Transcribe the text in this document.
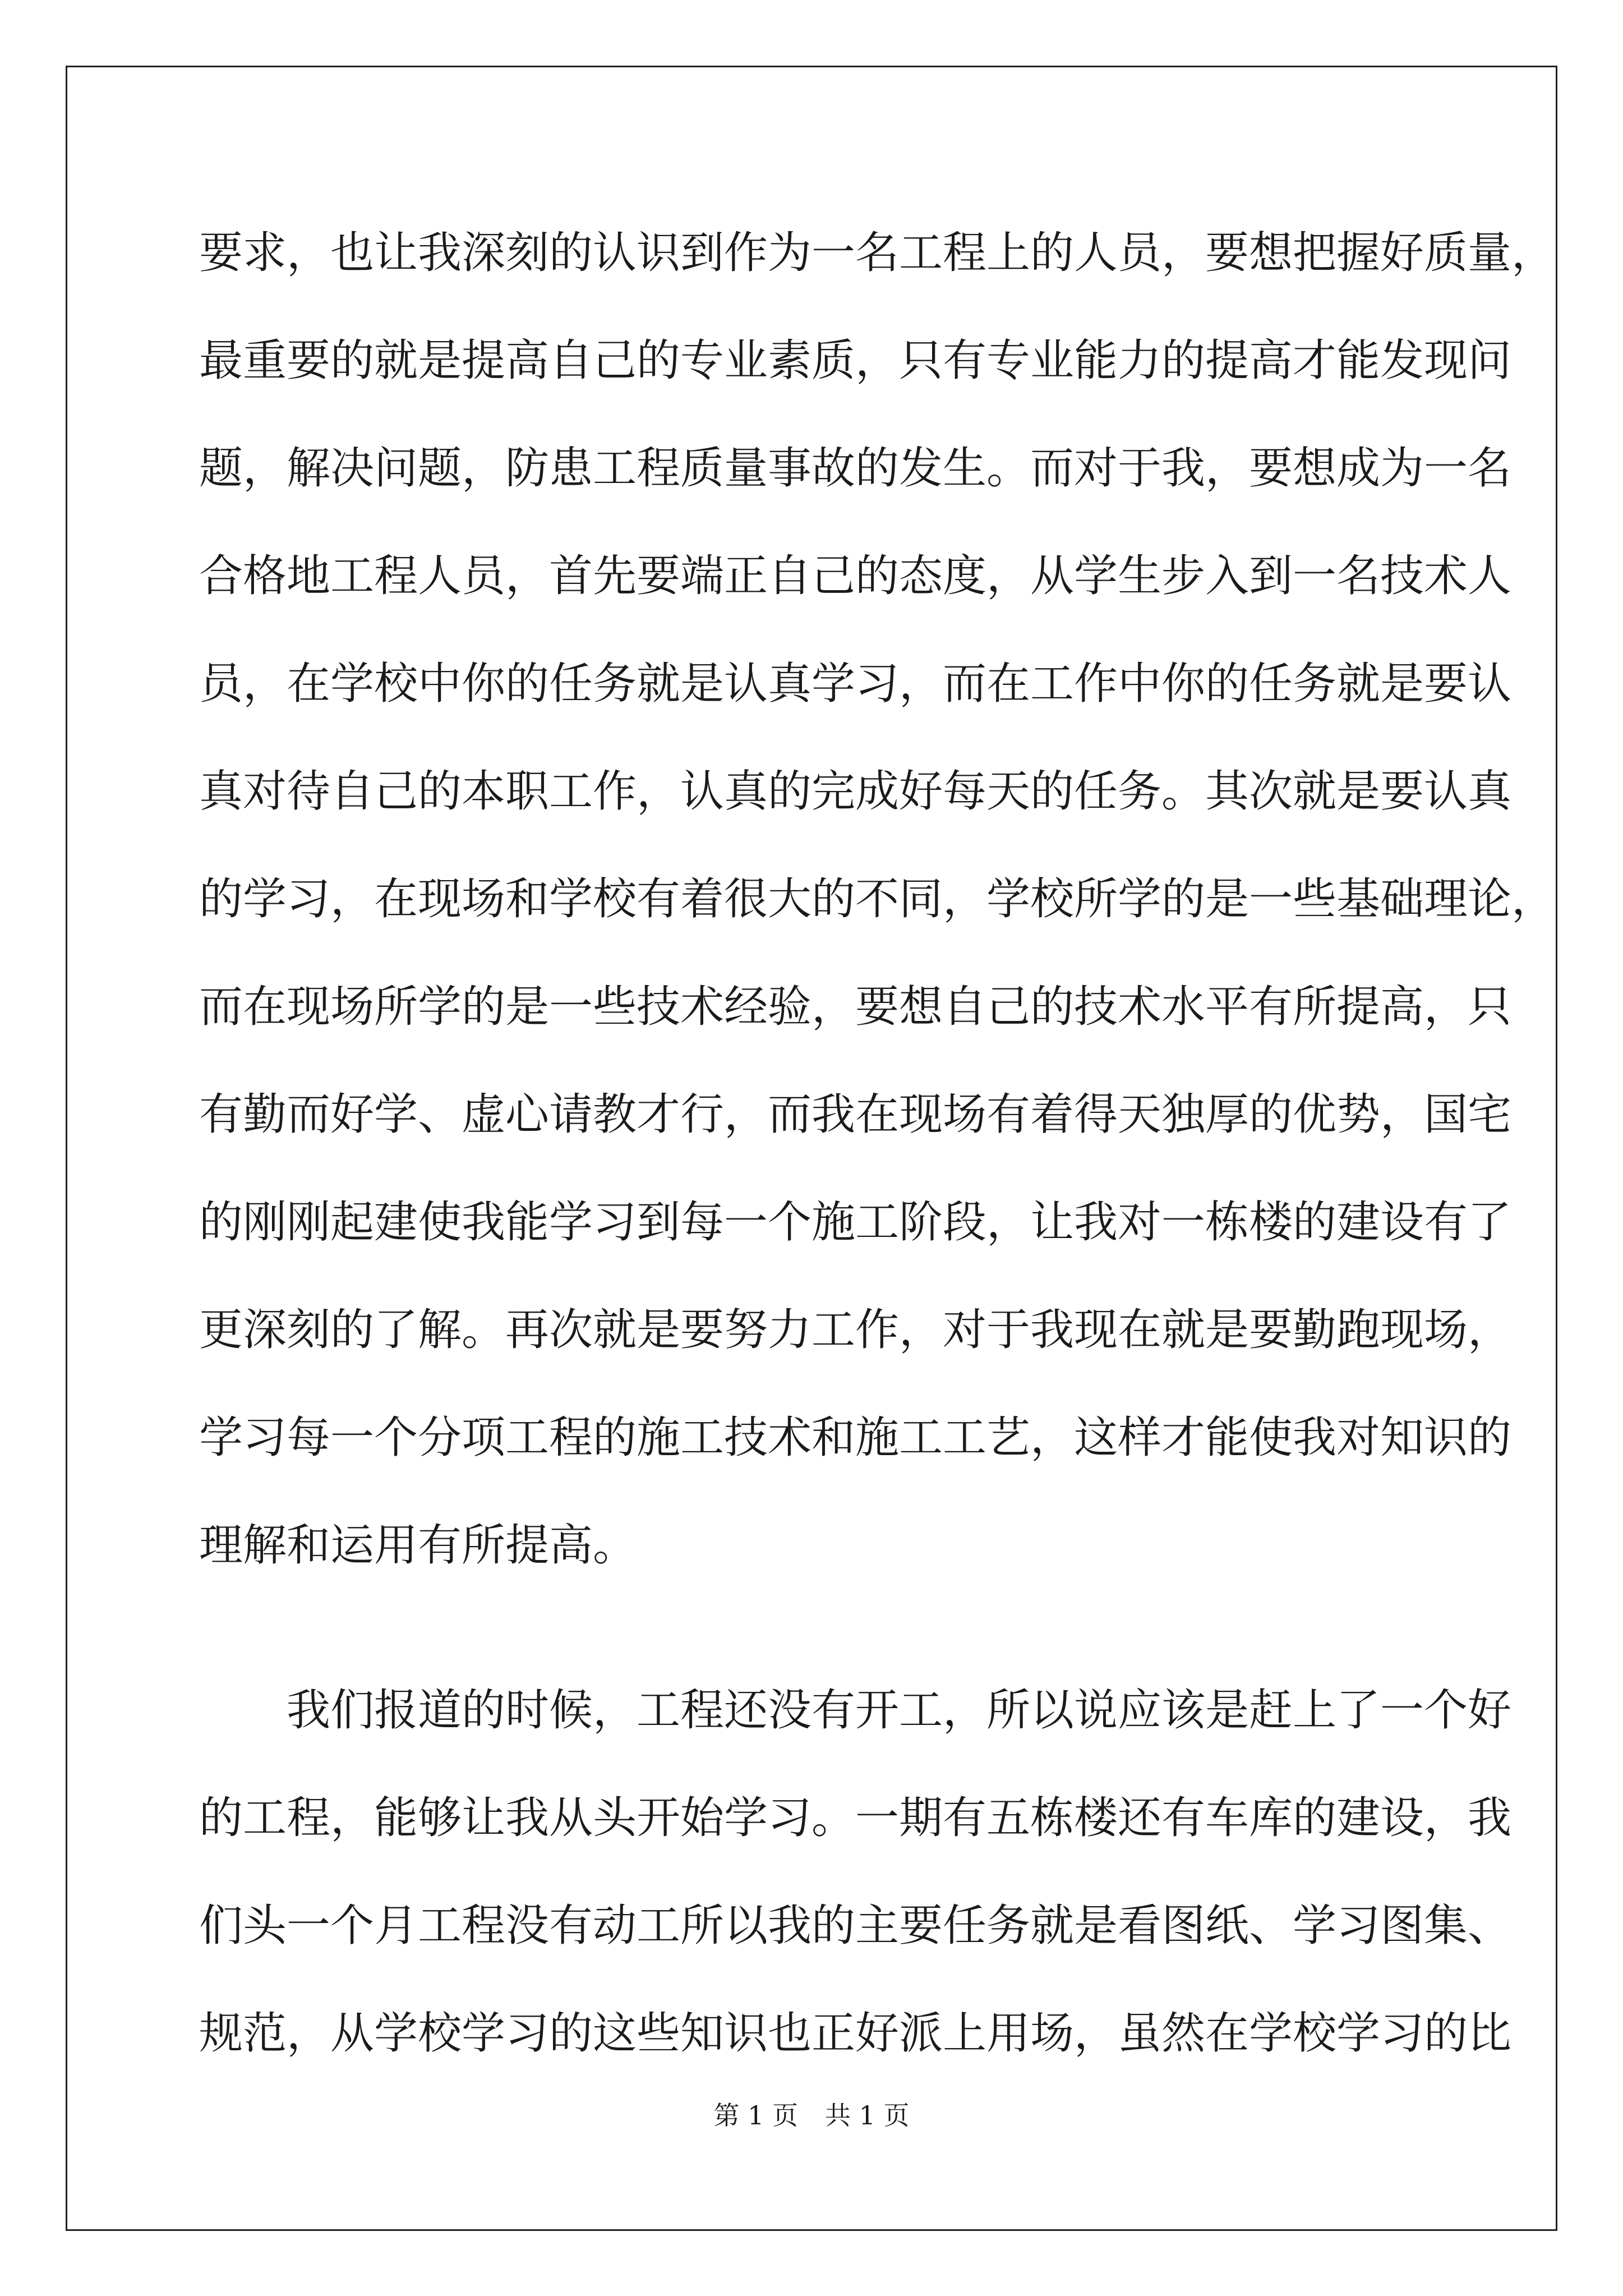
要求，也让我深刻的认识到作为一名工程上的人员，要想把握好质量，
最重要的就是提高自己的专业素质，只有专业能力的提高才能发现问
题，解决问题，防患工程质量事故的发生。而对于我，要想成为一名
合格地工程人员，首先要端正自己的态度，从学生步入到一名技术人
员，在学校中你的任务就是认真学习，而在工作中你的任务就是要认
真对待自己的本职工作，认真的完成好每天的任务。其次就是要认真
的学习，在现场和学校有着很大的不同，学校所学的是一些基础理论，
而在现场所学的是一些技术经验，要想自己的技术水平有所提高，只
有勤而好学、虚心请教才行，而我在现场有着得天独厚的优势，国宅
的刚刚起建使我能学习到每一个施工阶段，让我对一栋楼的建设有了
更深刻的了解。再次就是要努力工作，对于我现在就是要勤跑现场，
学习每一个分项工程的施工技术和施工工艺，这样才能使我对知识的
理解和运用有所提高。
　　我们报道的时候，工程还没有开工，所以说应该是赶上了一个好
的工程，能够让我从头开始学习。一期有五栋楼还有车库的建设，我
们头一个月工程没有动工所以我的主要任务就是看图纸、学习图集、
规范，从学校学习的这些知识也正好派上用场，虽然在学校学习的比
第 1 页 共 1 页
